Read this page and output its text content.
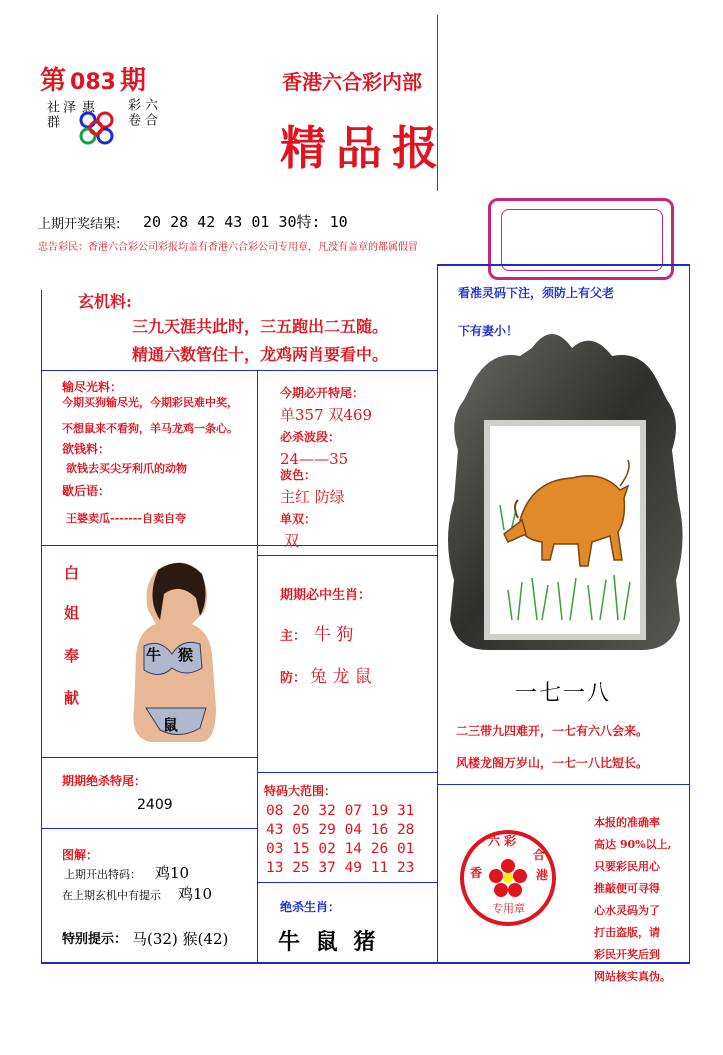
第 083 期
惠泽
社群	六合
彩卷
香港六合彩内部
精品报
上期开奖结果: 20 28 42 43 01 30特: 10
忠告彩民：香港六合彩公司彩报均盖有香港六合彩公司专用章，凡没有盖章的都属假冒
玄机料:
三九天涯共此时，三五跑出二五随。
精通六数管住十，龙鸡两肖要看中。
看准灵码下注，须防上有父老
下有妻小！
一七一八
二三带九四难开，一七有六八会来。
风楼龙阁万岁山，一七一八比短长。
输尽光料：
今期买狗输尽光，今期彩民难中奖，
不想鼠来不看狗，羊马龙鸡一条心。
欲钱料：
欲钱去买尖牙利爪的动物
歇后语：
王婆卖瓜-------自卖自夸
今期必开特尾：
单357 双469
必杀波段：
24——35
波色：
主红 防绿
单双：
双
白
姐
奉
献
牛 猴
鼠
期期必中生肖：
主： 牛 狗
防： 兔 龙 鼠
期期绝杀特尾：
2409
特码大范围：
08 20 32 07 19 31
43 05 29 04 16 28
03 15 02 14 26 01
13 25 37 49 11 23
图解：
上期开出特码： 鸡10
在上期玄机中有提示 鸡10
特别提示： 马(32) 猴(42)
绝杀生肖：
牛 鼠 猪
六 彩
香
合
港
专用章
本报的准确率
高达 90%以上,
只要彩民用心
推敲便可寻得
心水灵码为了
打击盗版，请
彩民开奖后到
网站核实真伪。
